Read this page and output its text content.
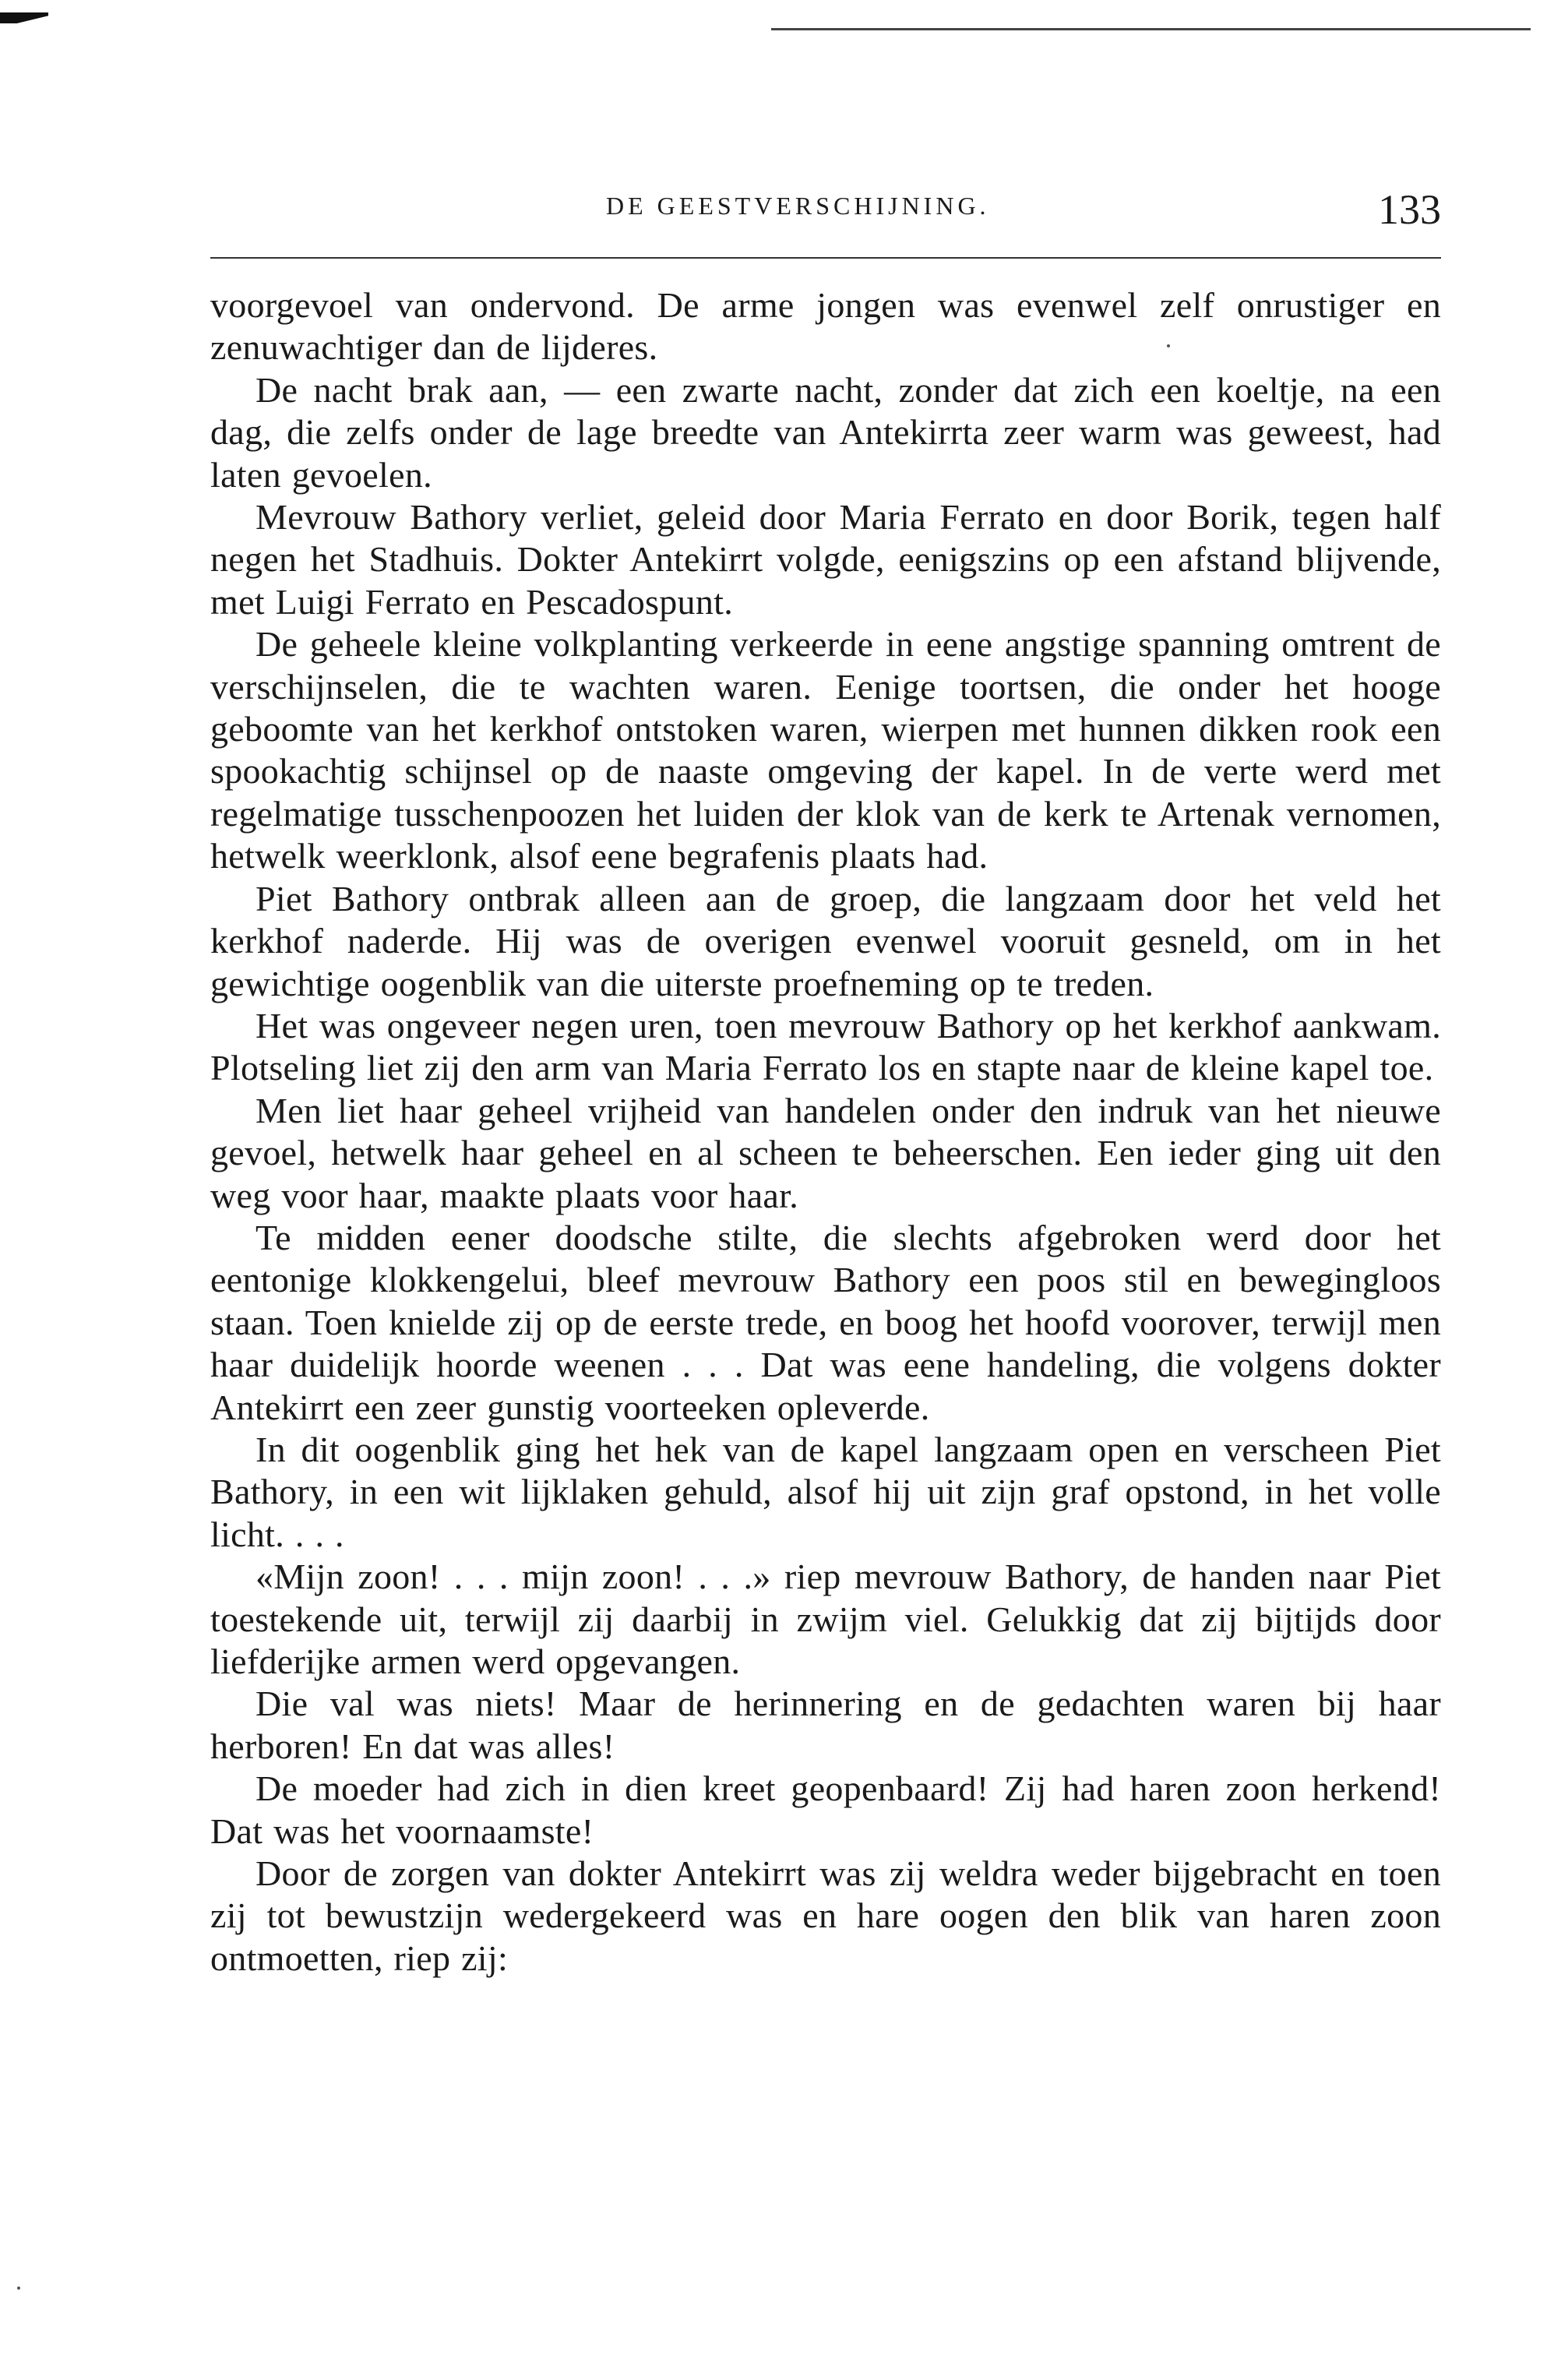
DE GEESTVERSCHIJNING.	133

voorgevoel van ondervond. De arme jongen was evenwel zelf onrustiger en zenuwachtiger dan de lijderes.

De nacht brak aan, — een zwarte nacht, zonder dat zich een koeltje, na een dag, die zelfs onder de lage breedte van Antekirrta zeer warm was geweest, had laten gevoelen.

Mevrouw Bathory verliet, geleid door Maria Ferrato en door Borik, tegen half negen het Stadhuis. Dokter Antekirrt volgde, eenigszins op een afstand blijvende, met Luigi Ferrato en Pescadospunt.

De geheele kleine volkplanting verkeerde in eene angstige spanning omtrent de verschijnselen, die te wachten waren. Eenige toortsen, die onder het hooge geboomte van het kerkhof ontstoken waren, wierpen met hunnen dikken rook een spookachtig schijnsel op de naaste omgeving der kapel. In de verte werd met regelmatige tusschenpoozen het luiden der klok van de kerk te Artenak vernomen, hetwelk weerklonk, alsof eene begrafenis plaats had.

Piet Bathory ontbrak alleen aan de groep, die langzaam door het veld het kerkhof naderde. Hij was de overigen evenwel vooruit gesneld, om in het gewichtige oogenblik van die uiterste proefneming op te treden.

Het was ongeveer negen uren, toen mevrouw Bathory op het kerkhof aankwam. Plotseling liet zij den arm van Maria Ferrato los en stapte naar de kleine kapel toe.

Men liet haar geheel vrijheid van handelen onder den indruk van het nieuwe gevoel, hetwelk haar geheel en al scheen te beheerschen. Een ieder ging uit den weg voor haar, maakte plaats voor haar.

Te midden eener doodsche stilte, die slechts afgebroken werd door het eentonige klokkengelui, bleef mevrouw Bathory een poos stil en bewegingloos staan. Toen knielde zij op de eerste trede, en boog het hoofd voorover, terwijl men haar duidelijk hoorde weenen . . . Dat was eene handeling, die volgens dokter Antekirrt een zeer gunstig voorteeken opleverde.

In dit oogenblik ging het hek van de kapel langzaam open en verscheen Piet Bathory, in een wit lijklaken gehuld, alsof hij uit zijn graf opstond, in het volle licht. . . .

«Mijn zoon! . . . mijn zoon! . . .» riep mevrouw Bathory, de handen naar Piet toestekende uit, terwijl zij daarbij in zwijm viel. Gelukkig dat zij bijtijds door liefderijke armen werd opgevangen.

Die val was niets! Maar de herinnering en de gedachten waren bij haar herboren! En dat was alles!

De moeder had zich in dien kreet geopenbaard! Zij had haren zoon herkend! Dat was het voornaamste!

Door de zorgen van dokter Antekirrt was zij weldra weder bijgebracht en toen zij tot bewustzijn wedergekeerd was en hare oogen den blik van haren zoon ontmoetten, riep zij:
